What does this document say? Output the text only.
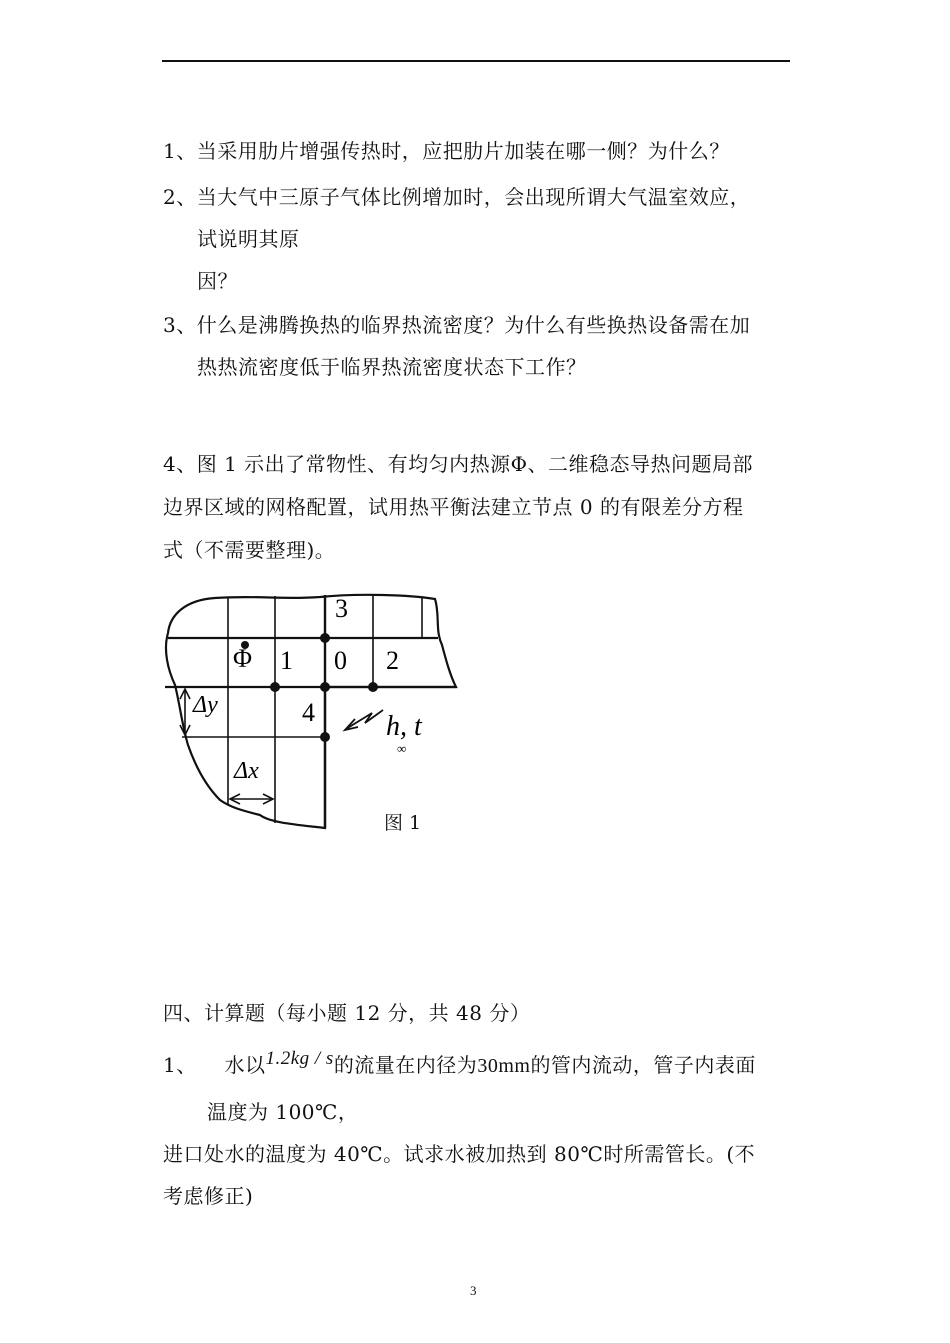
1、当采用肋片增强传热时，应把肋片加装在哪一侧？为什么？
2、当大气中三原子气体比例增加时，会出现所谓大气温室效应，
试说明其原
因？
3、什么是沸腾换热的临界热流密度？为什么有些换热设备需在加
热热流密度低于临界热流密度状态下工作？
4、图 1 示出了常物性、有均匀内热源Φ、二维稳态导热问题局部
边界区域的网格配置，试用热平衡法建立节点 0 的有限差分方程
式（不需要整理)。
3
Φ 1 0 2
4
Δy
Δx
h, t
∞
图 1
四、计算题（每小题 12 分，共 48 分）
1、 水以1.2kg / s的流量在内径为30mm的管内流动，管子内表面
温度为 100℃，
进口处水的温度为 40℃。试求水被加热到 80℃时所需管长。(不
考虑修正)
3
